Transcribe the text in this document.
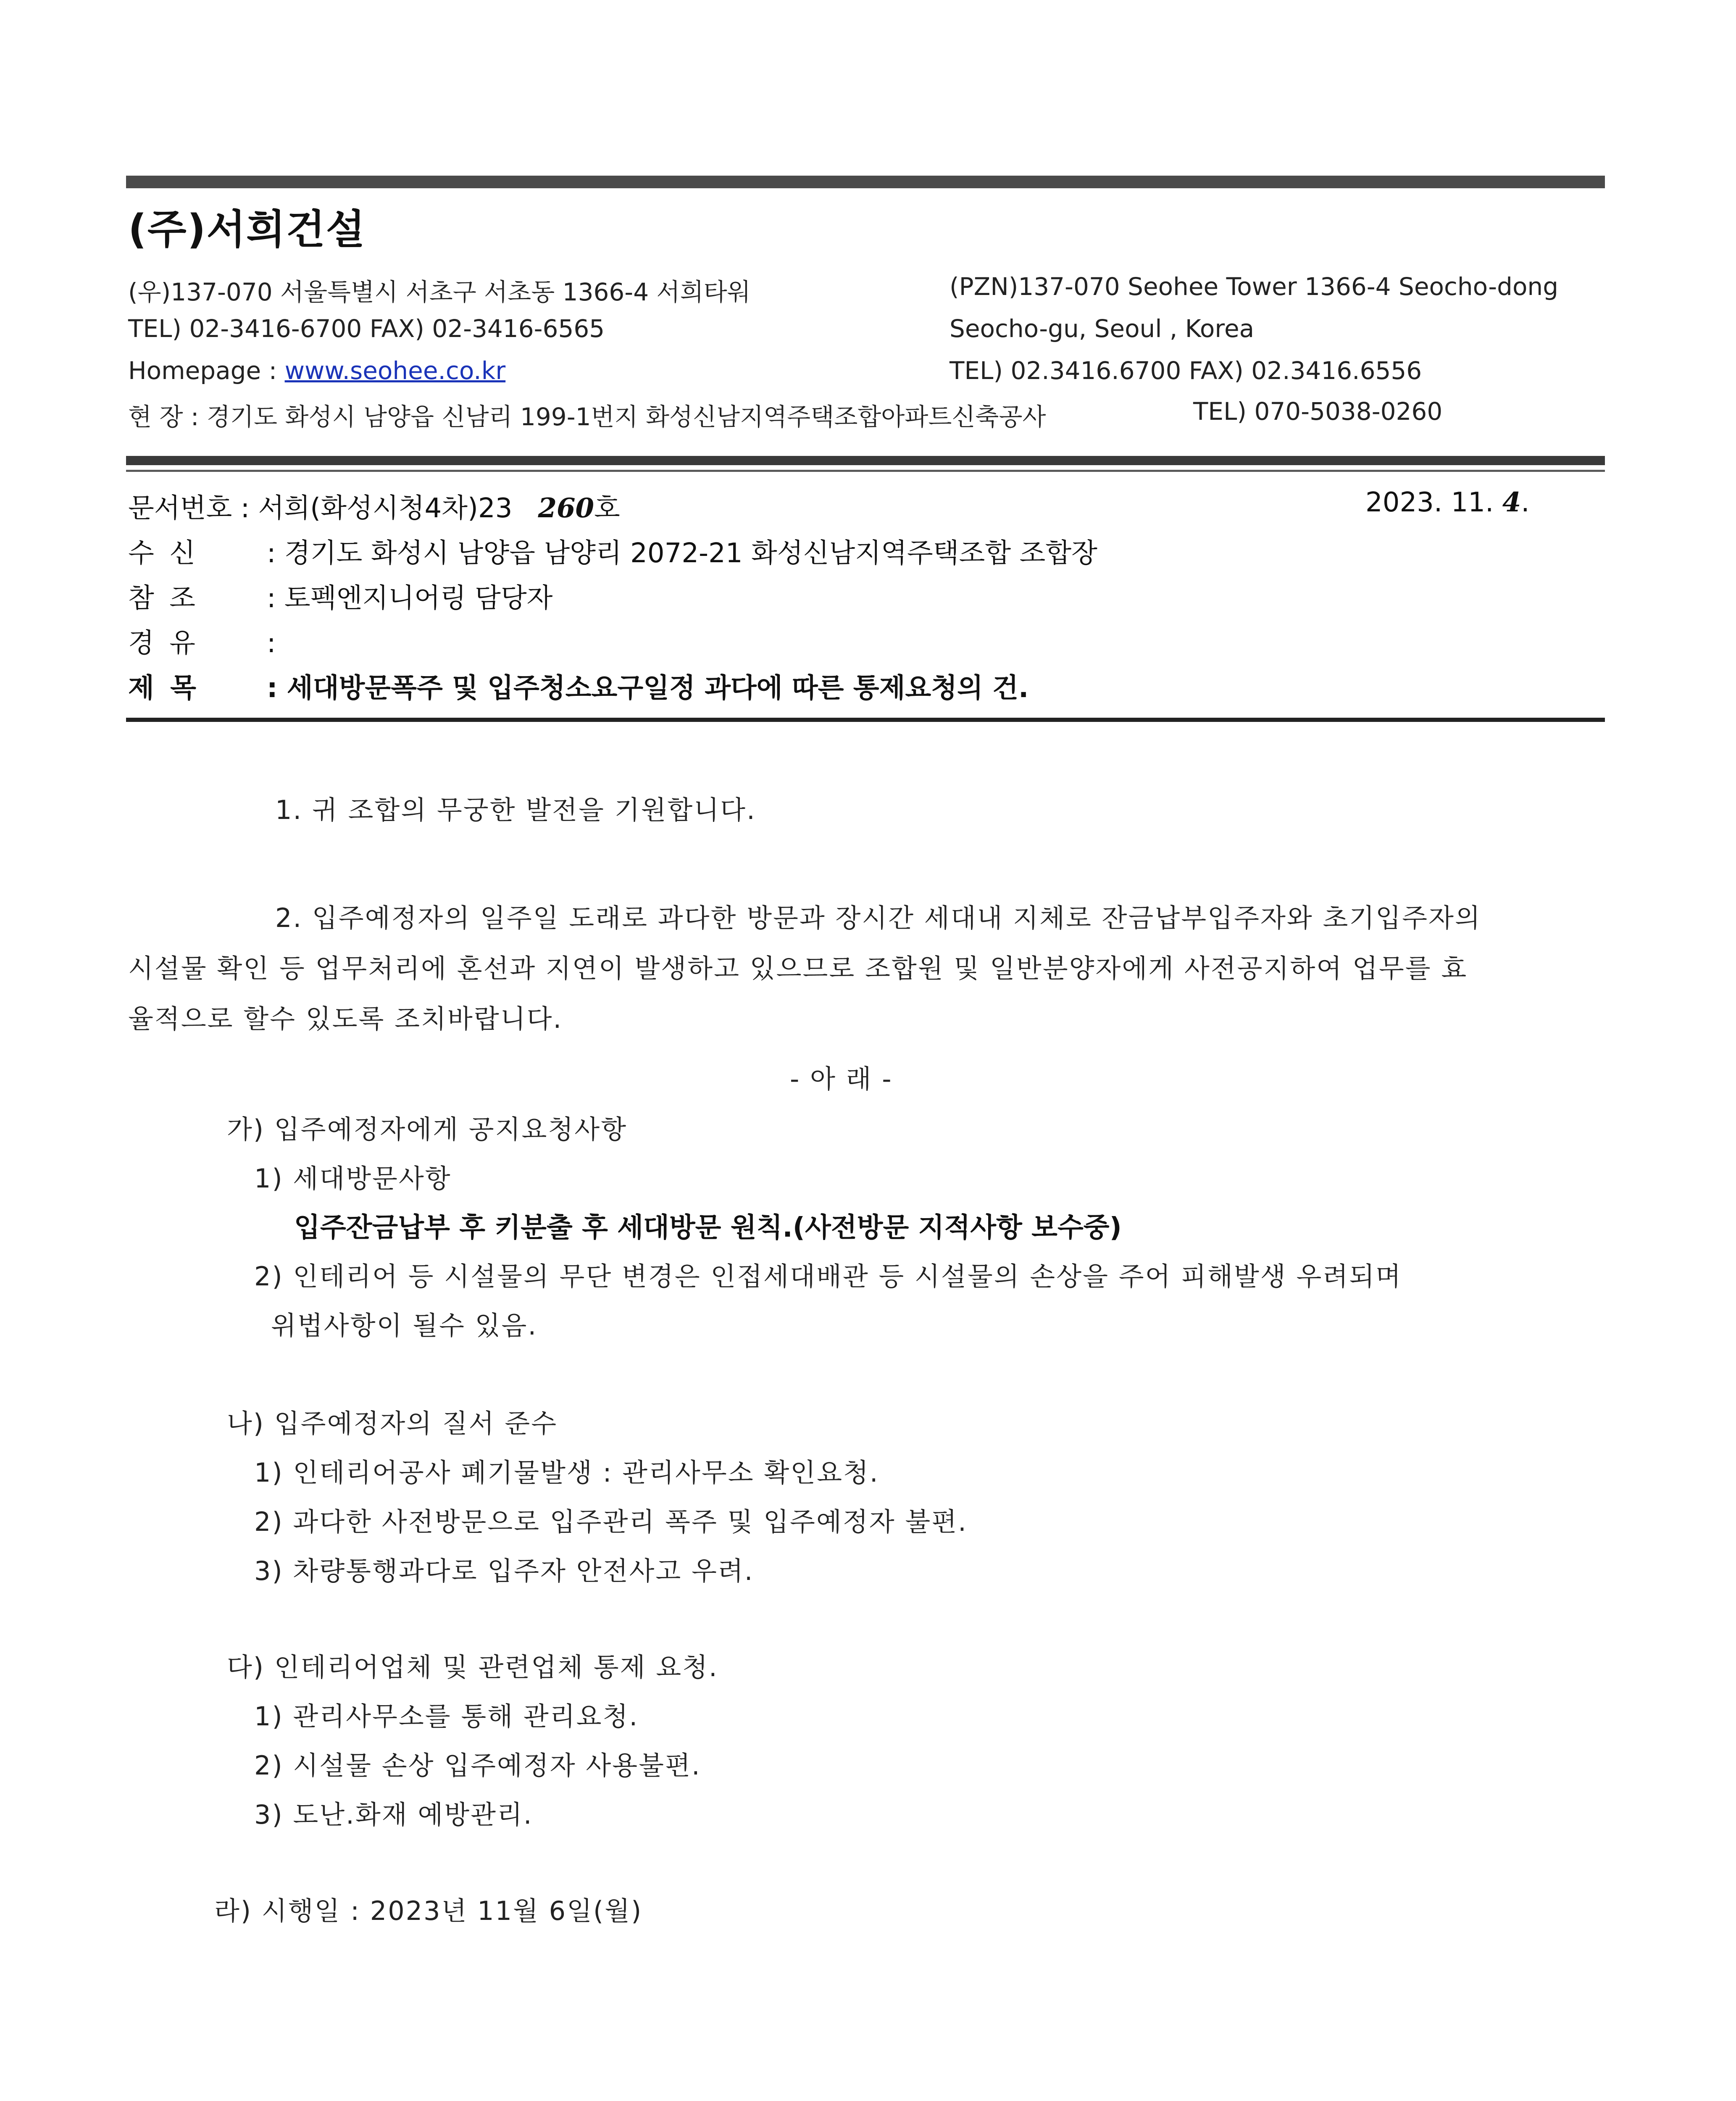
(주)서희건설
(우)137-070 서울특별시 서초구 서초동 1366-4 서희타워
TEL) 02-3416-6700 FAX) 02-3416-6565
Homepage : www.seohee.co.kr
(PZN)137-070 Seohee Tower 1366-4 Seocho-dong
Seocho-gu, Seoul , Korea
TEL) 02.3416.6700 FAX) 02.3416.6556
현 장 : 경기도 화성시 남양읍 신남리 199-1번지 화성신남지역주택조합아파트신축공사	TEL) 070-5038-0260
문서번호 : 서희(화성시청4차)23 260호	2023. 11. 4.
수 신	: 경기도 화성시 남양읍 남양리 2072-21 화성신남지역주택조합 조합장
참 조	: 토펙엔지니어링 담당자
경 유	:
제 목	: 세대방문폭주 및 입주청소요구일정 과다에 따른 통제요청의 건.
1. 귀 조합의 무궁한 발전을 기원합니다.
2. 입주예정자의 일주일 도래로 과다한 방문과 장시간 세대내 지체로 잔금납부입주자와 초기입주자의
시설물 확인 등 업무처리에 혼선과 지연이 발생하고 있으므로 조합원 및 일반분양자에게 사전공지하여 업무를 효
율적으로 할수 있도록 조치바랍니다.
- 아 래 -
가) 입주예정자에게 공지요청사항
1) 세대방문사항
입주잔금납부 후 키분출 후 세대방문 원칙.(사전방문 지적사항 보수중)
2) 인테리어 등 시설물의 무단 변경은 인접세대배관 등 시설물의 손상을 주어 피해발생 우려되며
위법사항이 될수 있음.
나) 입주예정자의 질서 준수
1) 인테리어공사 폐기물발생 : 관리사무소 확인요청.
2) 과다한 사전방문으로 입주관리 폭주 및 입주예정자 불편.
3) 차량통행과다로 입주자 안전사고 우려.
다) 인테리어업체 및 관련업체 통제 요청.
1) 관리사무소를 통해 관리요청.
2) 시설물 손상 입주예정자 사용불편.
3) 도난.화재 예방관리.
라) 시행일 : 2023년 11월 6일(월)
